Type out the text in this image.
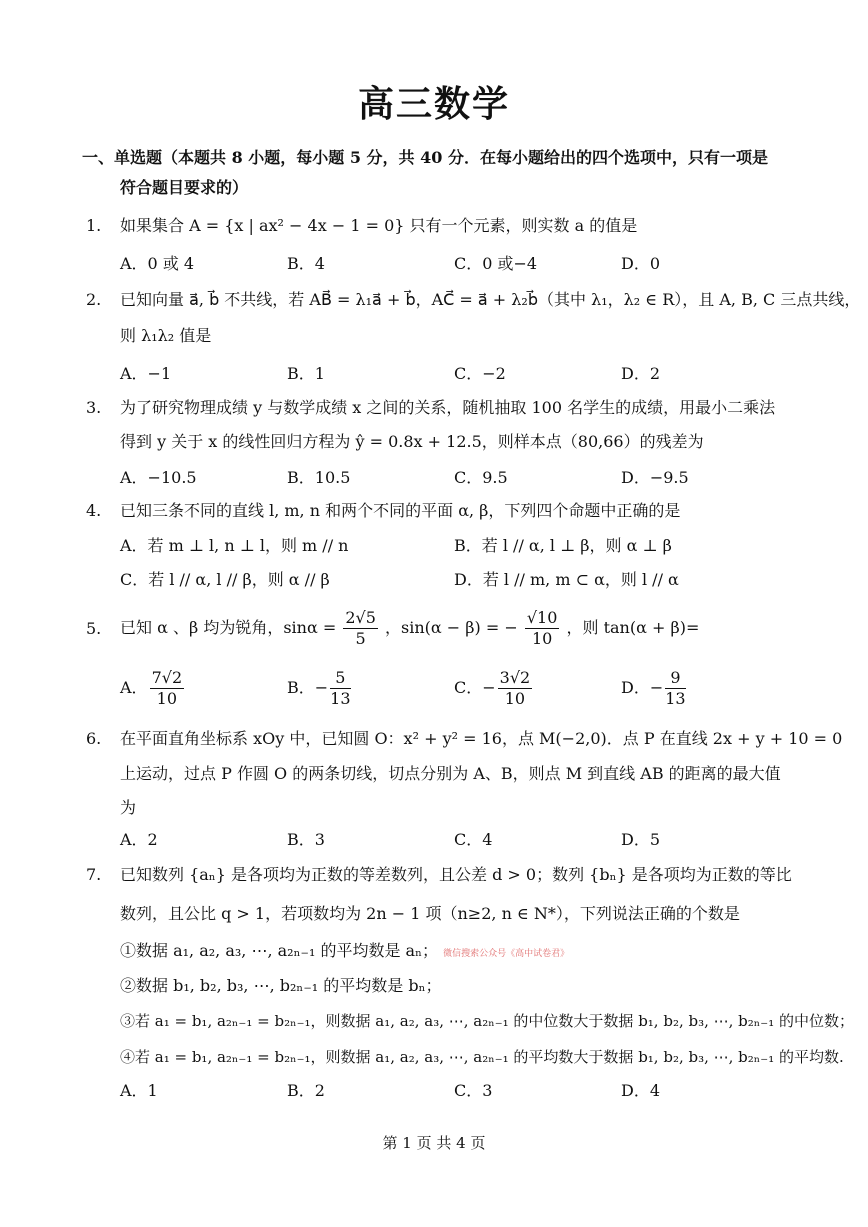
高三数学
一、单选题（本题共 8 小题，每小题 5 分，共 40 分．在每小题给出的四个选项中，只有一项是
符合题目要求的）
1. 如果集合 A = {x | ax² − 4x − 1 = 0} 只有一个元素，则实数 a 的值是
A．0 或 4	B．4	C．0 或−4	D．0
2. 已知向量 a⃗, b⃗ 不共线，若 AB⃗ = λ₁a⃗ + b⃗，AC⃗ = a⃗ + λ₂b⃗（其中 λ₁，λ₂ ∈ R），且 A, B, C 三点共线，
则 λ₁λ₂ 值是
A．−1	B．1	C．−2	D．2
3. 为了研究物理成绩 y 与数学成绩 x 之间的关系，随机抽取 100 名学生的成绩，用最小二乘法
得到 y 关于 x 的线性回归方程为 ŷ = 0.8x + 12.5，则样本点（80,66）的残差为
A．−10.5	B．10.5	C．9.5	D．−9.5
4. 已知三条不同的直线 l, m, n 和两个不同的平面 α, β，下列四个命题中正确的是
A．若 m ⊥ l, n ⊥ l，则 m // n	B．若 l // α, l ⊥ β，则 α ⊥ β
C．若 l // α, l // β，则 α // β	D．若 l // m, m ⊂ α，则 l // α
5. 已知 α 、β 均为锐角，$\sin\alpha = \frac{2√5}{5}$ ，sin(α − β) = − $\frac{√10}{10}$ ，则 tan(α + β)=
A． $\frac{7√2}{10}$	B．− $\frac{5}{13}$	C．− $\frac{3√2}{10}$	D．− $\frac{9}{13}$
6. 在平面直角坐标系 xOy 中，已知圆 O：x² + y² = 16，点 M(−2,0)．点 P 在直线 2x + y + 10 = 0
上运动，过点 P 作圆 O 的两条切线，切点分别为 A、B，则点 M 到直线 AB 的距离的最大值
为
A．2	B．3	C．4	D．5
7. 已知数列 {aₙ} 是各项均为正数的等差数列，且公差 d > 0；数列 {bₙ} 是各项均为正数的等比
数列，且公比 q > 1，若项数均为 2n − 1 项（n≥2, n ∈ N*），下列说法正确的个数是
①数据 a₁, a₂, a₃, ⋯, a₂ₙ₋₁ 的平均数是 aₙ； 微信搜索公众号《高中试卷君》
②数据 b₁, b₂, b₃, ⋯, b₂ₙ₋₁ 的平均数是 bₙ；
③若 a₁ = b₁, a₂ₙ₋₁ = b₂ₙ₋₁，则数据 a₁, a₂, a₃, ⋯, a₂ₙ₋₁ 的中位数大于数据 b₁, b₂, b₃, ⋯, b₂ₙ₋₁ 的中位数；
④若 a₁ = b₁, a₂ₙ₋₁ = b₂ₙ₋₁，则数据 a₁, a₂, a₃, ⋯, a₂ₙ₋₁ 的平均数大于数据 b₁, b₂, b₃, ⋯, b₂ₙ₋₁ 的平均数.
A．1	B．2	C．3	D．4
第 1 页 共 4 页
